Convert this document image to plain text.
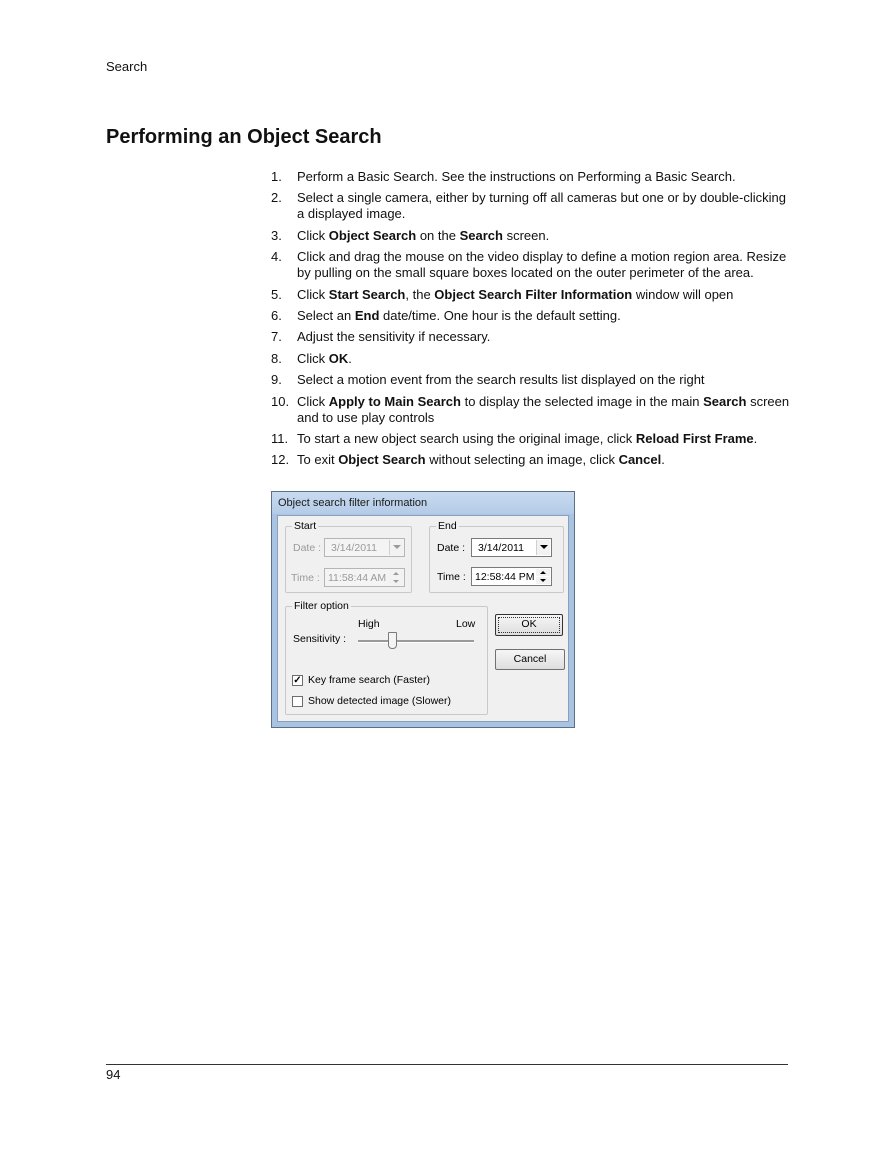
Search
Performing an Object Search
1.	Perform a Basic Search. See the instructions on Performing a Basic Search.
2.	Select a single camera, either by turning off all cameras but one or by double-clicking a displayed image.
3.	Click Object Search on the Search screen.
4.	Click and drag the mouse on the video display to define a motion region area. Resize by pulling on the small square boxes located on the outer perimeter of the area.
5.	Click Start Search, the Object Search Filter Information window will open
6.	Select an End date/time. One hour is the default setting.
7.	Adjust the sensitivity if necessary.
8.	Click OK.
9.	Select a motion event from the search results list displayed on the right
10. Click Apply to Main Search to display the selected image in the main Search screen and to use play controls
11. To start a new object search using the original image, click Reload First Frame.
12. To exit Object Search without selecting an image, click Cancel.
Object search filter information
Start
Date : 3/14/2011
Time : 11:58:44 AM
End
Date : 3/14/2011
Time : 12:58:44 PM
Filter option
High	Low
Sensitivity :
✓ Key frame search (Faster)
Show detected image (Slower)
OK
Cancel
94
